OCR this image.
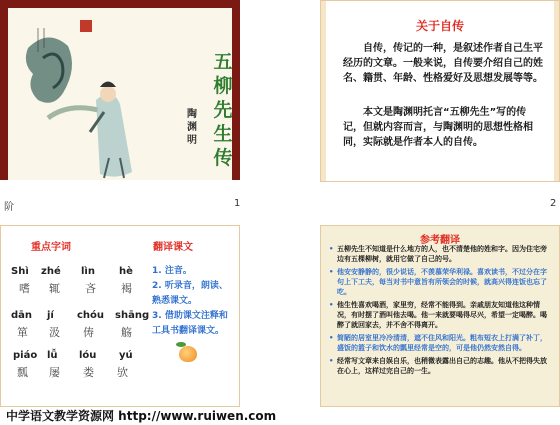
五柳先生传
陶渊明
阶	1
关于自传
自传，传记的一种，是叙述作者自己生平经历的文章。一般来说，自传要介绍自己的姓名、籍贯、年龄、性格爱好及思想发展等等。
本文是陶渊明托言“五柳先生”写的传记，但就内容而言，与陶渊明的思想性格相同，实际就是作者本人的自传。
2
重点字词	翻译课文
Shì zhé lìn hè
嗜 辄 吝 褐
dān jí chóu shāng
箪 汲 俦 觞
piáo lǚ lóu yú
瓢 屡 娄 欤
1. 注音。
2. 听录音，朗读、熟悉课文。
3. 借助课文注释和工具书翻译课文。
参考翻译
• 五柳先生不知道是什么地方的人，也不清楚他的姓和字。因为住宅旁边有五棵柳树，就用它做了自己的号。
• 他安安静静的，很少说话，不羡慕荣华利禄。喜欢读书，不过分在字句上下工夫，每当对书中意旨有所领会的时候，就高兴得连饭也忘了吃。
• 他生性喜欢喝酒，家里穷，经常不能得到。亲戚朋友知道他这种情况，有时摆了酒叫他去喝。他一来就要喝得尽兴，希望一定喝醉。喝醉了就回家去，并不舍不得离开。
• 简陋的居室里冷冷清清，遮不住风和阳光。粗布短衣上打满了补丁，盛饭的篮子和饮水的瓢里经常是空的，可是他仍然安然自得。
• 经常写文章来自娱自乐，也稍微表露出自己的志趣。他从不把得失放在心上，这样过完自己的一生。
中学语文教学资源网 http://www.ruiwen.com
